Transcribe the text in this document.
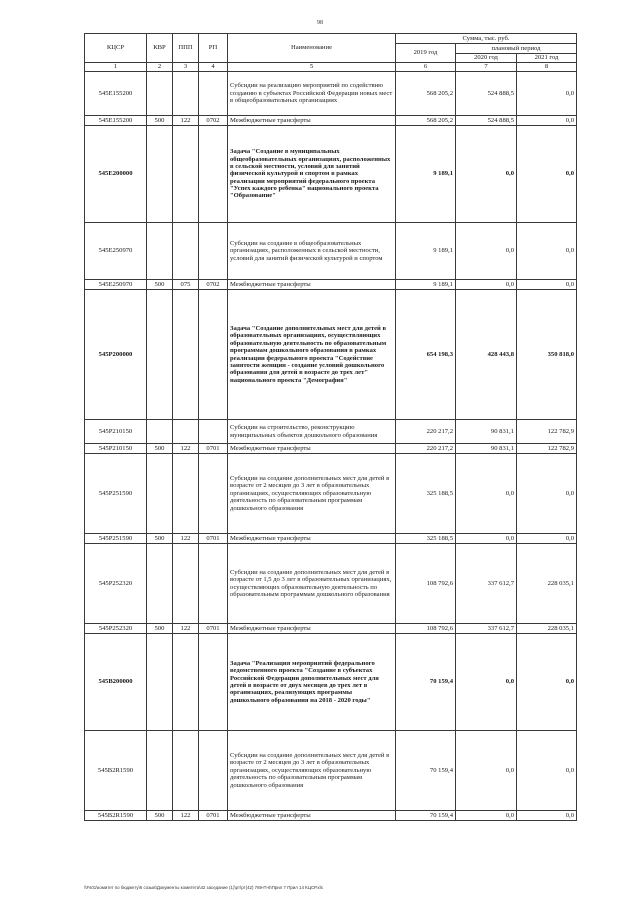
98
КЦСР	КВР	ППП	РП	Наименование	Сумма, тыс. руб.		
					2019 год	плановый период	
						2020 год	2021 год
1	2	3	4	5	6	7	8
545E155200				Субсидии на реализацию мероприятий по содействию созданию в субъектах Российской Федерации новых мест в общеобразовательных организациях	568 205,2	524 888,5	0,0
545E155200	500	122	0702	Межбюджетные трансферты	568 205,2	524 888,5	0,0
545E200000				Задача "Создание в муниципальных общеобразовательных организациях, расположенных в сельской местности, условий для занятий физической культурой и спортом в рамках реализации мероприятий федерального проекта "Успех каждого ребенка" национального проекта "Образование"	9 189,1	0,0	0,0
545E250970				Субсидии на создание в общеобразовательных организациях, расположенных в сельской местности, условий для занятий физической культурой и спортом	9 189,1	0,0	0,0
545E250970	500	075	0702	Межбюджетные трансферты	9 189,1	0,0	0,0
545P200000				Задача "Создание дополнительных мест для детей в образовательных организациях, осуществляющих образовательную деятельность по образовательным программам дошкольного образования в рамках реализации федерального проекта "Содействие занятости женщин - создание условий дошкольного образования для детей в возрасте до трех лет" национального проекта "Демография"	654 198,3	428 443,8	350 818,0
545P210150				Субсидии на строительство, реконструкцию муниципальных объектов дошкольного образования	220 217,2	90 831,1	122 782,9
545P210150	500	122	0701	Межбюджетные трансферты	220 217,2	90 831,1	122 782,9
545P251590				Субсидии на создание дополнительных мест для детей в возрасте от 2 месяцев до 3 лет в образовательных организациях, осуществляющих образовательную деятельность по образовательным программам дошкольного образования	325 188,5	0,0	0,0
545P251590	500	122	0701	Межбюджетные трансферты	325 188,5	0,0	0,0
545P252320				Субсидии на создание дополнительных мест для детей в возрасте от 1,5 до 3 лет в образовательных организациях, осуществляющих образовательную деятельность по образовательным программам дошкольного образования	108 792,6	337 612,7	228 035,1
545P252320	500	122	0701	Межбюджетные трансферты	108 792,6	337 612,7	228 035,1
545B200000				Задача "Реализация мероприятий федерального ведомственного проекта "Создание в субъектах Российской Федерации дополнительных мест для детей в возрасте от двух месяцев до трех лет в организациях, реализующих программы дошкольного образования на 2018 - 2020 годы"	70 159,4	0,0	0,0
545B2R1590				Субсидии на создание дополнительных мест для детей в возрасте от 2 месяцев до 3 лет в образовательных организациях, осуществляющих образовательную деятельность по образовательным программам дошкольного образования	70 159,4	0,0	0,0
545B2R1590	500	122	0701	Межбюджетные трансферты	70 159,4	0,0	0,0
\\Fs01\комитет по бюджету\6 созыв\Документы комитета\42 заседание (1)\рт\рт(42) 769-П-6\Прил 7 Прил 14 КЦСР.xls
